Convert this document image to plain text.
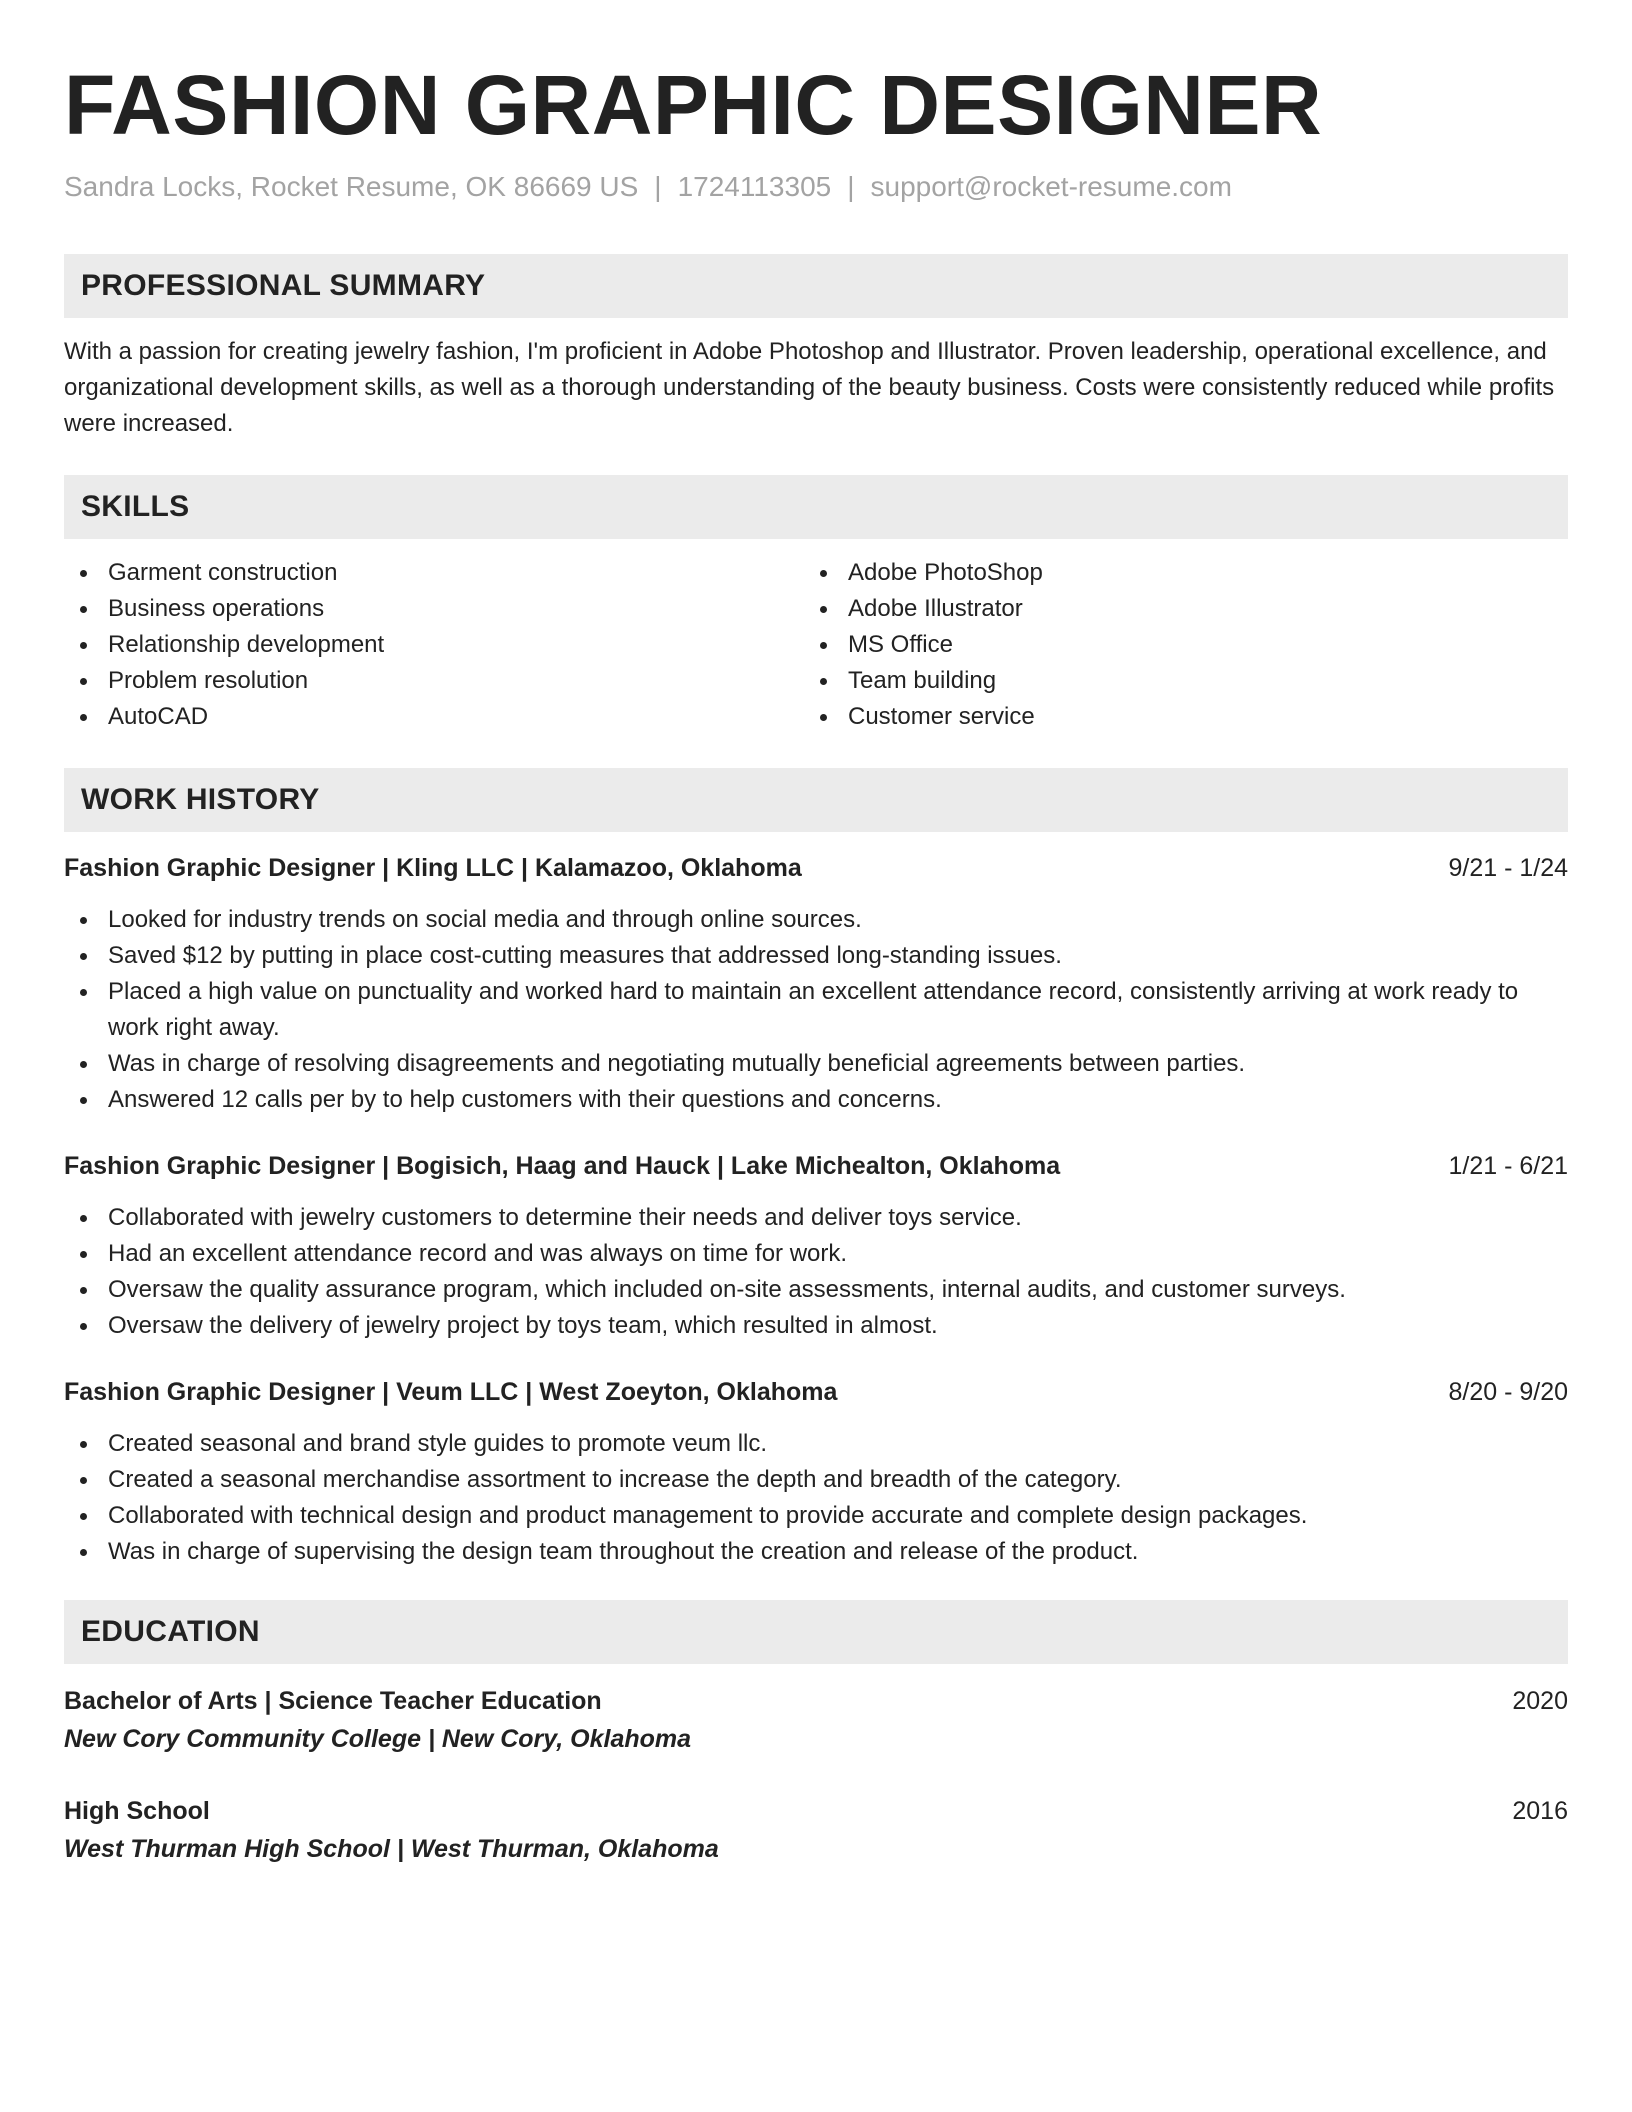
FASHION GRAPHIC DESIGNER
Sandra Locks, Rocket Resume, OK 86669 US | 1724113305 | support@rocket-resume.com
PROFESSIONAL SUMMARY
With a passion for creating jewelry fashion, I'm proficient in Adobe Photoshop and Illustrator. Proven leadership, operational excellence, and organizational development skills, as well as a thorough understanding of the beauty business. Costs were consistently reduced while profits were increased.
SKILLS
Garment construction
Business operations
Relationship development
Problem resolution
AutoCAD
Adobe PhotoShop
Adobe Illustrator
MS Office
Team building
Customer service
WORK HISTORY
Fashion Graphic Designer | Kling LLC | Kalamazoo, Oklahoma	9/21 - 1/24
Looked for industry trends on social media and through online sources.
Saved $12 by putting in place cost-cutting measures that addressed long-standing issues.
Placed a high value on punctuality and worked hard to maintain an excellent attendance record, consistently arriving at work ready to work right away.
Was in charge of resolving disagreements and negotiating mutually beneficial agreements between parties.
Answered 12 calls per by to help customers with their questions and concerns.
Fashion Graphic Designer | Bogisich, Haag and Hauck | Lake Michealton, Oklahoma	1/21 - 6/21
Collaborated with jewelry customers to determine their needs and deliver toys service.
Had an excellent attendance record and was always on time for work.
Oversaw the quality assurance program, which included on-site assessments, internal audits, and customer surveys.
Oversaw the delivery of jewelry project by toys team, which resulted in almost.
Fashion Graphic Designer | Veum LLC | West Zoeyton, Oklahoma	8/20 - 9/20
Created seasonal and brand style guides to promote veum llc.
Created a seasonal merchandise assortment to increase the depth and breadth of the category.
Collaborated with technical design and product management to provide accurate and complete design packages.
Was in charge of supervising the design team throughout the creation and release of the product.
EDUCATION
Bachelor of Arts | Science Teacher Education	2020
New Cory Community College | New Cory, Oklahoma
High School	2016
West Thurman High School | West Thurman, Oklahoma
